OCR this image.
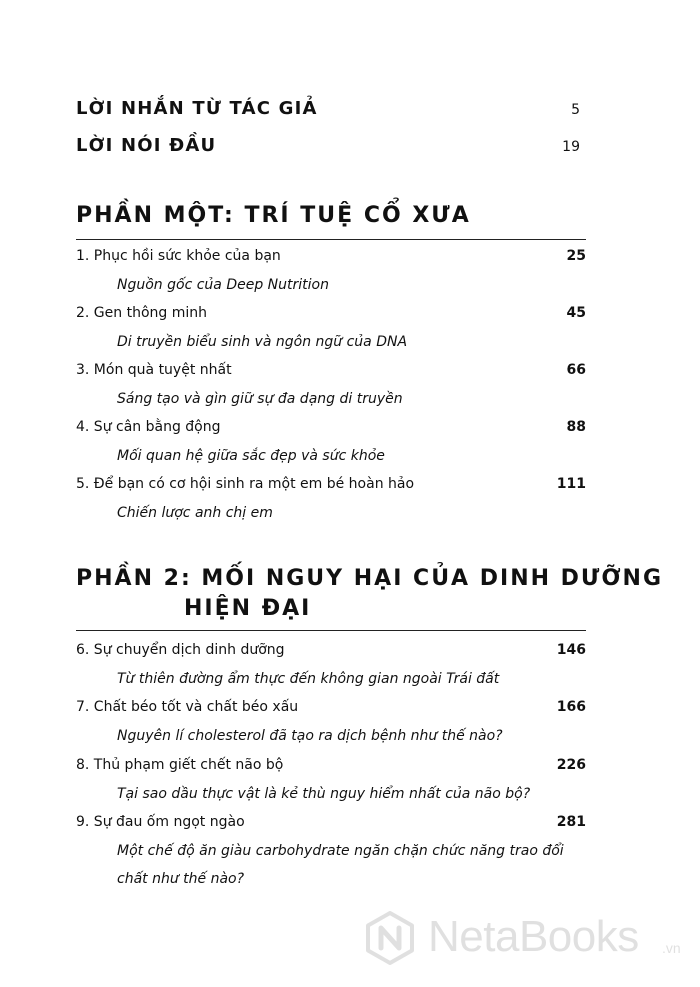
LỜI NHẮN TỪ TÁC GIẢ	5
LỜI NÓI ĐẦU	19
PHẦN MỘT: TRÍ TUỆ CỔ XƯA
1. Phục hồi sức khỏe của bạn	25
Nguồn gốc của Deep Nutrition
2. Gen thông minh	45
Di truyền biểu sinh và ngôn ngữ của DNA
3. Món quà tuyệt nhất	66
Sáng tạo và gìn giữ sự đa dạng di truyền
4. Sự cân bằng động	88
Mối quan hệ giữa sắc đẹp và sức khỏe
5. Để bạn có cơ hội sinh ra một em bé hoàn hảo	111
Chiến lược anh chị em
PHẦN 2: MỐI NGUY HẠI CỦA DINH DƯỠNG
HIỆN ĐẠI
6. Sự chuyển dịch dinh dưỡng	146
Từ thiên đường ẩm thực đến không gian ngoài Trái đất
7. Chất béo tốt và chất béo xấu	166
Nguyên lí cholesterol đã tạo ra dịch bệnh như thế nào?
8. Thủ phạm giết chết não bộ	226
Tại sao dầu thực vật là kẻ thù nguy hiểm nhất của não bộ?
9. Sự đau ốm ngọt ngào	281
Một chế độ ăn giàu carbohydrate ngăn chặn chức năng trao đổi chất như thế nào?
NetaBooks .vn
